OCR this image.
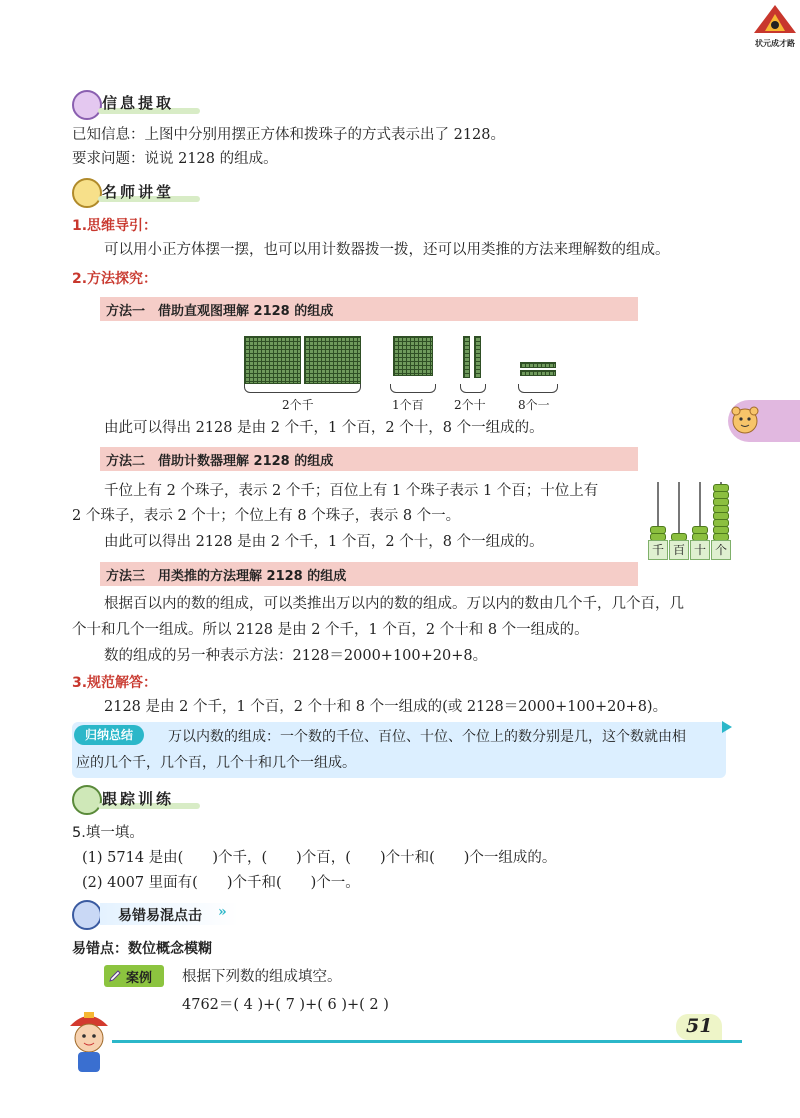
状元成才路
信息提取
已知信息：上图中分别用摆正方体和拨珠子的方式表示出了 2128。
要求问题：说说 2128 的组成。
名师讲堂
1.思维导引：
可以用小正方体摆一摆，也可以用计数器拨一拨，还可以用类推的方法来理解数的组成。
2.方法探究：
方法一　借助直观图理解 2128 的组成
2个千	1个百	2个十	8个一
由此可以得出 2128 是由 2 个千，1 个百，2 个十，8 个一组成的。
方法二　借助计数器理解 2128 的组成
千位上有 2 个珠子，表示 2 个千；百位上有 1 个珠子表示 1 个百；十位上有
2 个珠子，表示 2 个十；个位上有 8 个珠子，表示 8 个一。
由此可以得出 2128 是由 2 个千，1 个百，2 个十，8 个一组成的。	千 百 十 个
方法三　用类推的方法理解 2128 的组成
根据百以内的数的组成，可以类推出万以内的数的组成。万以内的数由几个千，几个百，几
个十和几个一组成。所以 2128 是由 2 个千，1 个百，2 个十和 8 个一组成的。
数的组成的另一种表示方法：2128＝2000+100+20+8。
3.规范解答：
2128 是由 2 个千，1 个百，2 个十和 8 个一组成的(或 2128＝2000+100+20+8)。
归纳总结	万以内数的组成：一个数的千位、百位、十位、个位上的数分别是几，这个数就由相
应的几个千，几个百，几个十和几个一组成。
跟踪训练
5.填一填。
(1) 5714 是由(　　)个千，(　　)个百，(　　)个十和(　　)个一组成的。
(2) 4007 里面有(　　)个千和(　　)个一。
易错易混点击 »
易错点：数位概念模糊
案例 根据下列数的组成填空。
4762＝( 4 )+( 7 )+( 6 )+( 2 )
51
